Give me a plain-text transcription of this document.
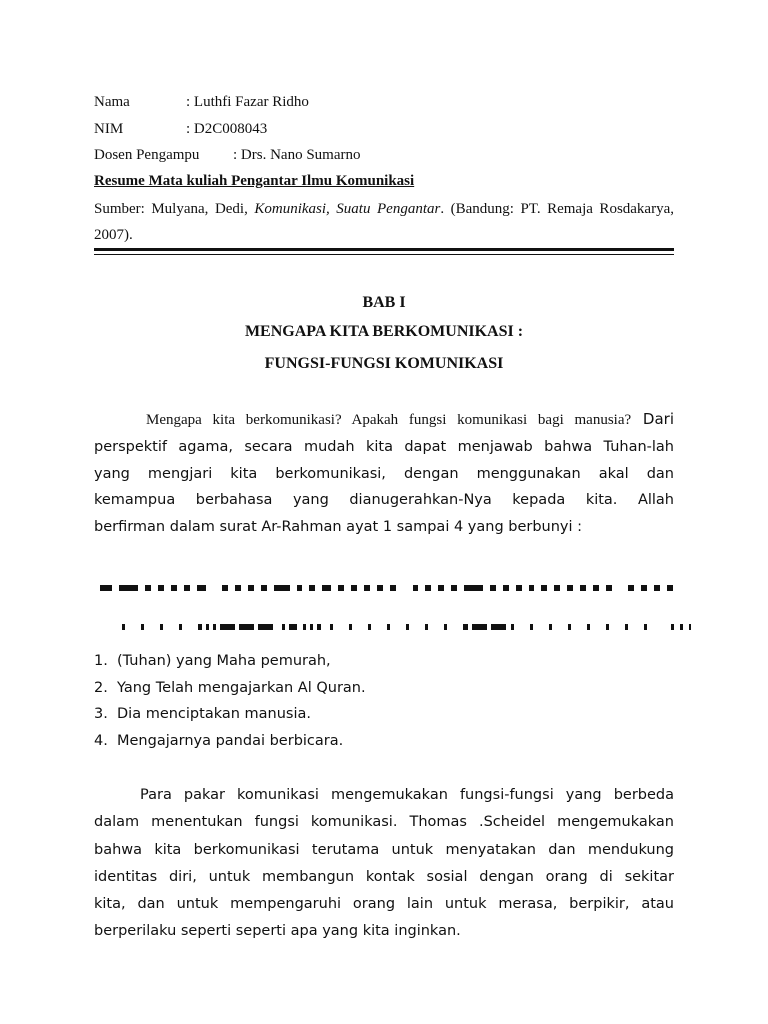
Nama	: Luthfi Fazar Ridho
NIM	: D2C008043
Dosen Pengampu : Drs. Nano Sumarno
Resume Mata kuliah Pengantar Ilmu Komunikasi
Sumber: Mulyana, Dedi, Komunikasi, Suatu Pengantar. (Bandung: PT. Remaja Rosdakarya,
2007).
BAB I
MENGAPA KITA BERKOMUNIKASI :
FUNGSI-FUNGSI KOMUNIKASI
Mengapa kita berkomunikasi? Apakah fungsi komunikasi bagi manusia? Dari
perspektif agama, secara mudah kita dapat menjawab bahwa Tuhan-lah
yang mengjari kita berkomunikasi, dengan menggunakan akal dan
kemampua berbahasa yang dianugerahkan-Nya kepada kita. Allah
berfirman dalam surat Ar-Rahman ayat 1 sampai 4 yang berbunyi :
1. (Tuhan) yang Maha pemurah,
2. Yang Telah mengajarkan Al Quran.
3. Dia menciptakan manusia.
4. Mengajarnya pandai berbicara.
Para pakar komunikasi mengemukakan fungsi-fungsi yang berbeda
dalam menentukan fungsi komunikasi. Thomas .Scheidel mengemukakan
bahwa kita berkomunikasi terutama untuk menyatakan dan mendukung
identitas diri, untuk membangun kontak sosial dengan orang di sekitar
kita, dan untuk mempengaruhi orang lain untuk merasa, berpikir, atau
berperilaku seperti seperti apa yang kita inginkan.
